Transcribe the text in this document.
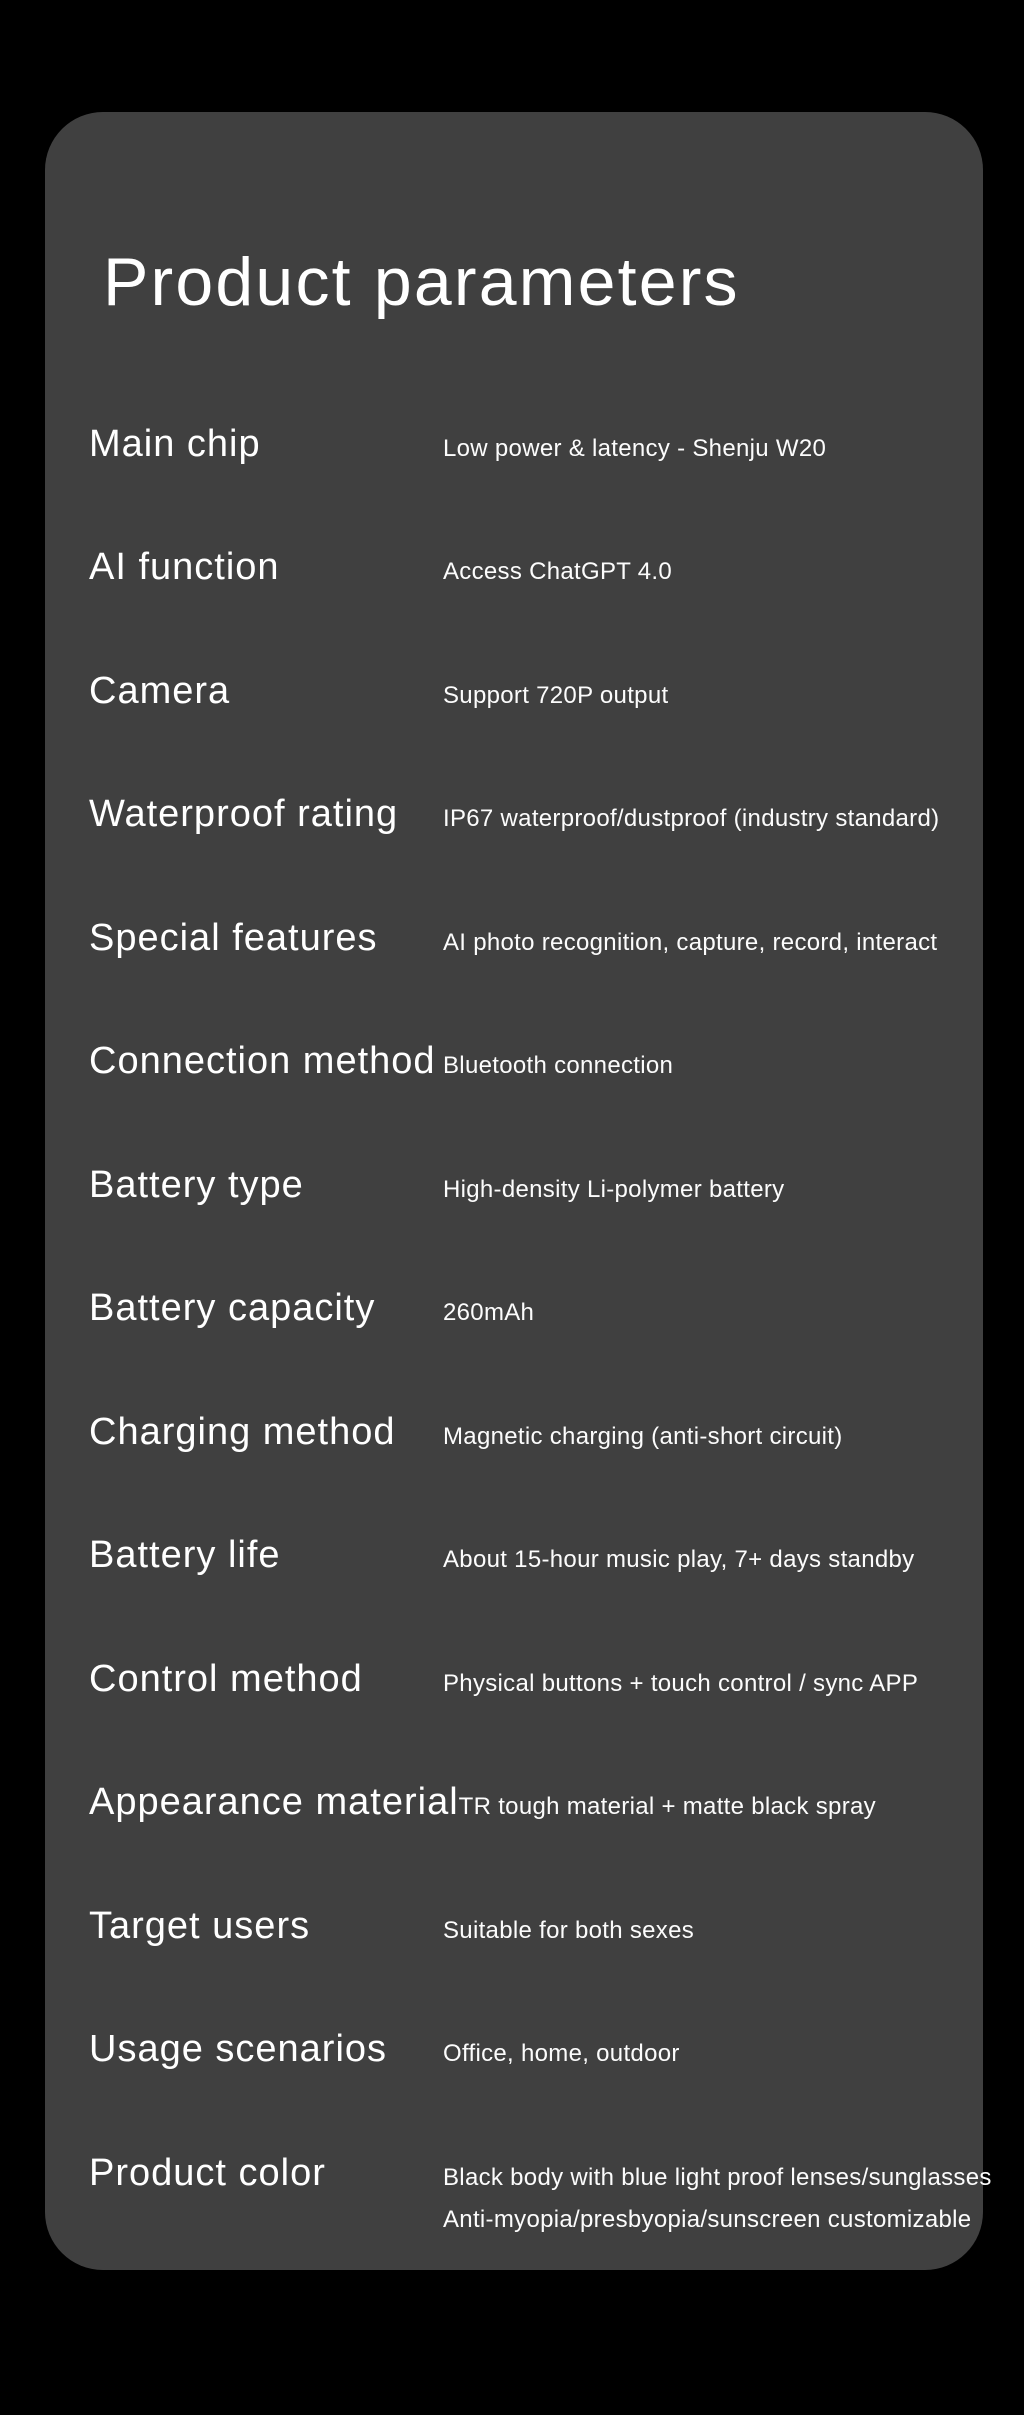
Product parameters
Main chip	Low power & latency - Shenju W20
AI function	Access ChatGPT 4.0
Camera	Support 720P output
Waterproof rating	IP67 waterproof/dustproof (industry standard)
Special features	AI photo recognition, capture, record, interact
Connection method Bluetooth connection
Battery type	High-density Li-polymer battery
Battery capacity	260mAh
Charging method	Magnetic charging (anti-short circuit)
Battery life	About 15-hour music play, 7+ days standby
Control method	Physical buttons + touch control / sync APP
Appearance material TR tough material + matte black spray
Target users	Suitable for both sexes
Usage scenarios	Office, home, outdoor
Product color	Black body with blue light proof lenses/sunglasses
Anti-myopia/presbyopia/sunscreen customizable
